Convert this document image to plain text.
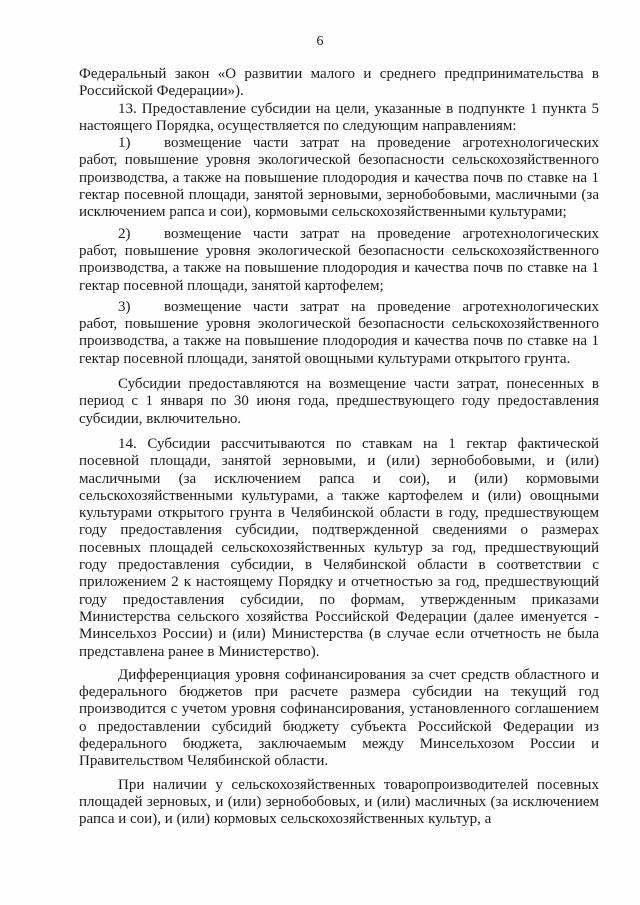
6

Федеральный закон «О развитии малого и среднего предпринимательства в Российской Федерации»).

13. Предоставление субсидии на цели, указанные в подпункте 1 пункта 5 настоящего Порядка, осуществляется по следующим направлениям:

1) возмещение части затрат на проведение агротехнологических работ, повышение уровня экологической безопасности сельскохозяйственного производства, а также на повышение плодородия и качества почв по ставке на 1 гектар посевной площади, занятой зерновыми, зернобобовыми, масличными (за исключением рапса и сои), кормовыми сельскохозяйственными культурами;

2) возмещение части затрат на проведение агротехнологических работ, повышение уровня экологической безопасности сельскохозяйственного производства, а также на повышение плодородия и качества почв по ставке на 1 гектар посевной площади, занятой картофелем;

3) возмещение части затрат на проведение агротехнологических работ, повышение уровня экологической безопасности сельскохозяйственного производства, а также на повышение плодородия и качества почв по ставке на 1 гектар посевной площади, занятой овощными культурами открытого грунта.

Субсидии предоставляются на возмещение части затрат, понесенных в период с 1 января по 30 июня года, предшествующего году предоставления субсидии, включительно.

14. Субсидии рассчитываются по ставкам на 1 гектар фактической посевной площади, занятой зерновыми, и (или) зернобобовыми, и (или) масличными (за исключением рапса и сои), и (или) кормовыми сельскохозяйственными культурами, а также картофелем и (или) овощными культурами открытого грунта в Челябинской области в году, предшествующем году предоставления субсидии, подтвержденной сведениями о размерах посевных площадей сельскохозяйственных культур за год, предшествующий году предоставления субсидии, в Челябинской области в соответствии с приложением 2 к настоящему Порядку и отчетностью за год, предшествующий году предоставления субсидии, по формам, утвержденным приказами Министерства сельского хозяйства Российской Федерации (далее именуется - Минсельхоз России) и (или) Министерства (в случае если отчетность не была представлена ранее в Министерство).

Дифференциация уровня софинансирования за счет средств областного и федерального бюджетов при расчете размера субсидии на текущий год производится с учетом уровня софинансирования, установленного соглашением о предоставлении субсидий бюджету субъекта Российской Федерации из федерального бюджета, заключаемым между Минсельхозом России и Правительством Челябинской области.

При наличии у сельскохозяйственных товаропроизводителей посевных площадей зерновых, и (или) зернобобовых, и (или) масличных (за исключением рапса и сои), и (или) кормовых сельскохозяйственных культур, а
